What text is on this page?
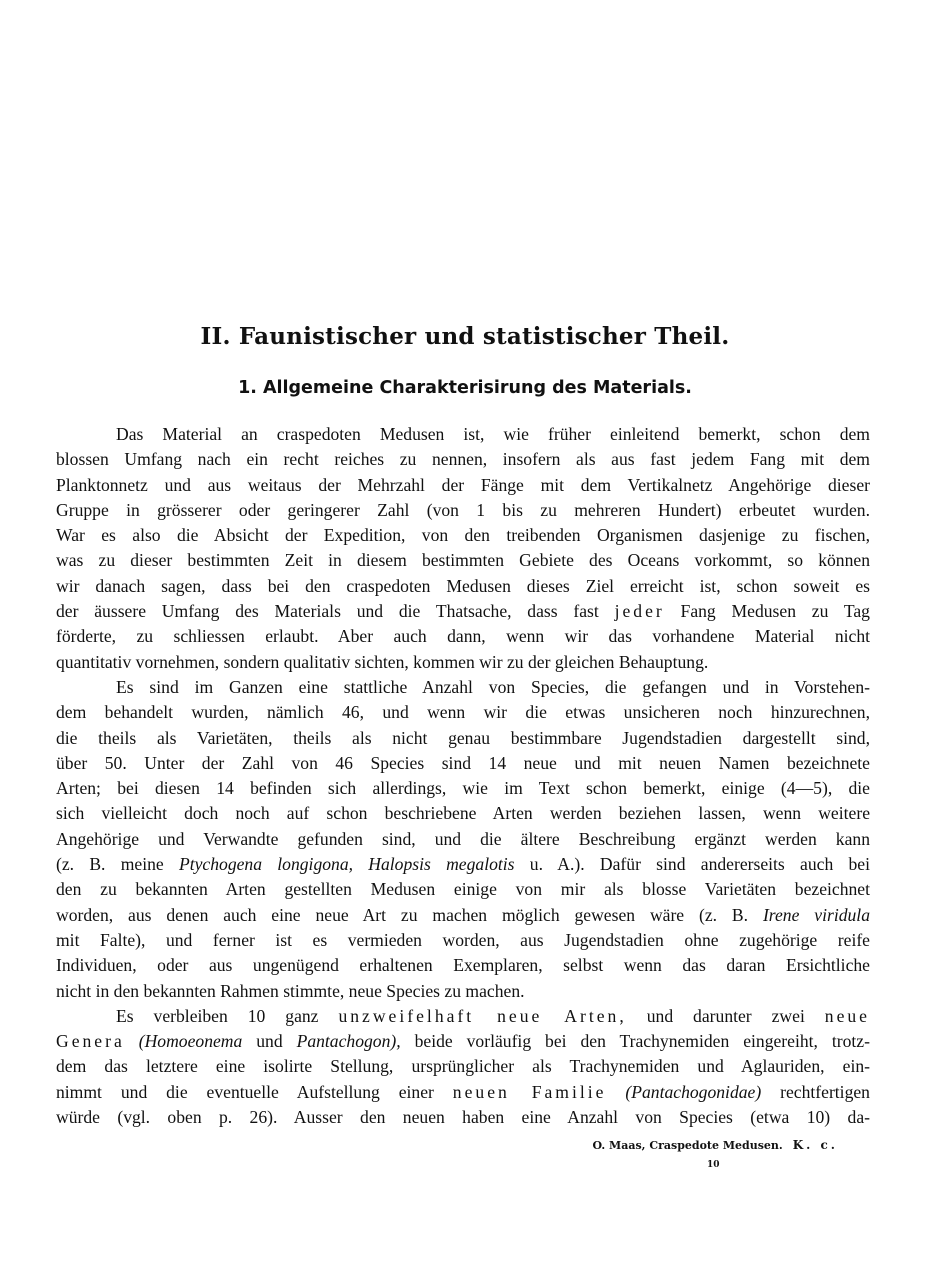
II. Faunistischer und statistischer Theil.
1. Allgemeine Charakterisirung des Materials.
Das Material an craspedoten Medusen ist, wie früher einleitend bemerkt, schon dem
blossen Umfang nach ein recht reiches zu nennen, insofern als aus fast jedem Fang mit dem
Planktonnetz und aus weitaus der Mehrzahl der Fänge mit dem Vertikalnetz Angehörige dieser
Gruppe in grösserer oder geringerer Zahl (von 1 bis zu mehreren Hundert) erbeutet wurden.
War es also die Absicht der Expedition, von den treibenden Organismen dasjenige zu fischen,
was zu dieser bestimmten Zeit in diesem bestimmten Gebiete des Oceans vorkommt, so können
wir danach sagen, dass bei den craspedoten Medusen dieses Ziel erreicht ist, schon soweit es
der äussere Umfang des Materials und die Thatsache, dass fast jeder Fang Medusen zu Tag
förderte, zu schliessen erlaubt. Aber auch dann, wenn wir das vorhandene Material nicht
quantitativ vornehmen, sondern qualitativ sichten, kommen wir zu der gleichen Behauptung.
Es sind im Ganzen eine stattliche Anzahl von Species, die gefangen und in Vorstehen-
dem behandelt wurden, nämlich 46, und wenn wir die etwas unsicheren noch hinzurechnen,
die theils als Varietäten, theils als nicht genau bestimmbare Jugendstadien dargestellt sind,
über 50. Unter der Zahl von 46 Species sind 14 neue und mit neuen Namen bezeichnete
Arten; bei diesen 14 befinden sich allerdings, wie im Text schon bemerkt, einige (4—5), die
sich vielleicht doch noch auf schon beschriebene Arten werden beziehen lassen, wenn weitere
Angehörige und Verwandte gefunden sind, und die ältere Beschreibung ergänzt werden kann
(z. B. meine Ptychogena longigona, Halopsis megalotis u. A.). Dafür sind andererseits auch bei
den zu bekannten Arten gestellten Medusen einige von mir als blosse Varietäten bezeichnet
worden, aus denen auch eine neue Art zu machen möglich gewesen wäre (z. B. Irene viridula
mit Falte), und ferner ist es vermieden worden, aus Jugendstadien ohne zugehörige reife
Individuen, oder aus ungenügend erhaltenen Exemplaren, selbst wenn das daran Ersichtliche
nicht in den bekannten Rahmen stimmte, neue Species zu machen.
Es verbleiben 10 ganz unzweifelhaft neue Arten, und darunter zwei neue
Genera (Homoeonema und Pantachogon), beide vorläufig bei den Trachynemiden eingereiht, trotz-
dem das letztere eine isolirte Stellung, ursprünglicher als Trachynemiden und Aglauriden, ein-
nimmt und die eventuelle Aufstellung einer neuen Familie (Pantachogonidae) rechtfertigen
würde (vgl. oben p. 26). Ausser den neuen haben eine Anzahl von Species (etwa 10) da-
O. Maas, Craspedote Medusen. K. c.
10
